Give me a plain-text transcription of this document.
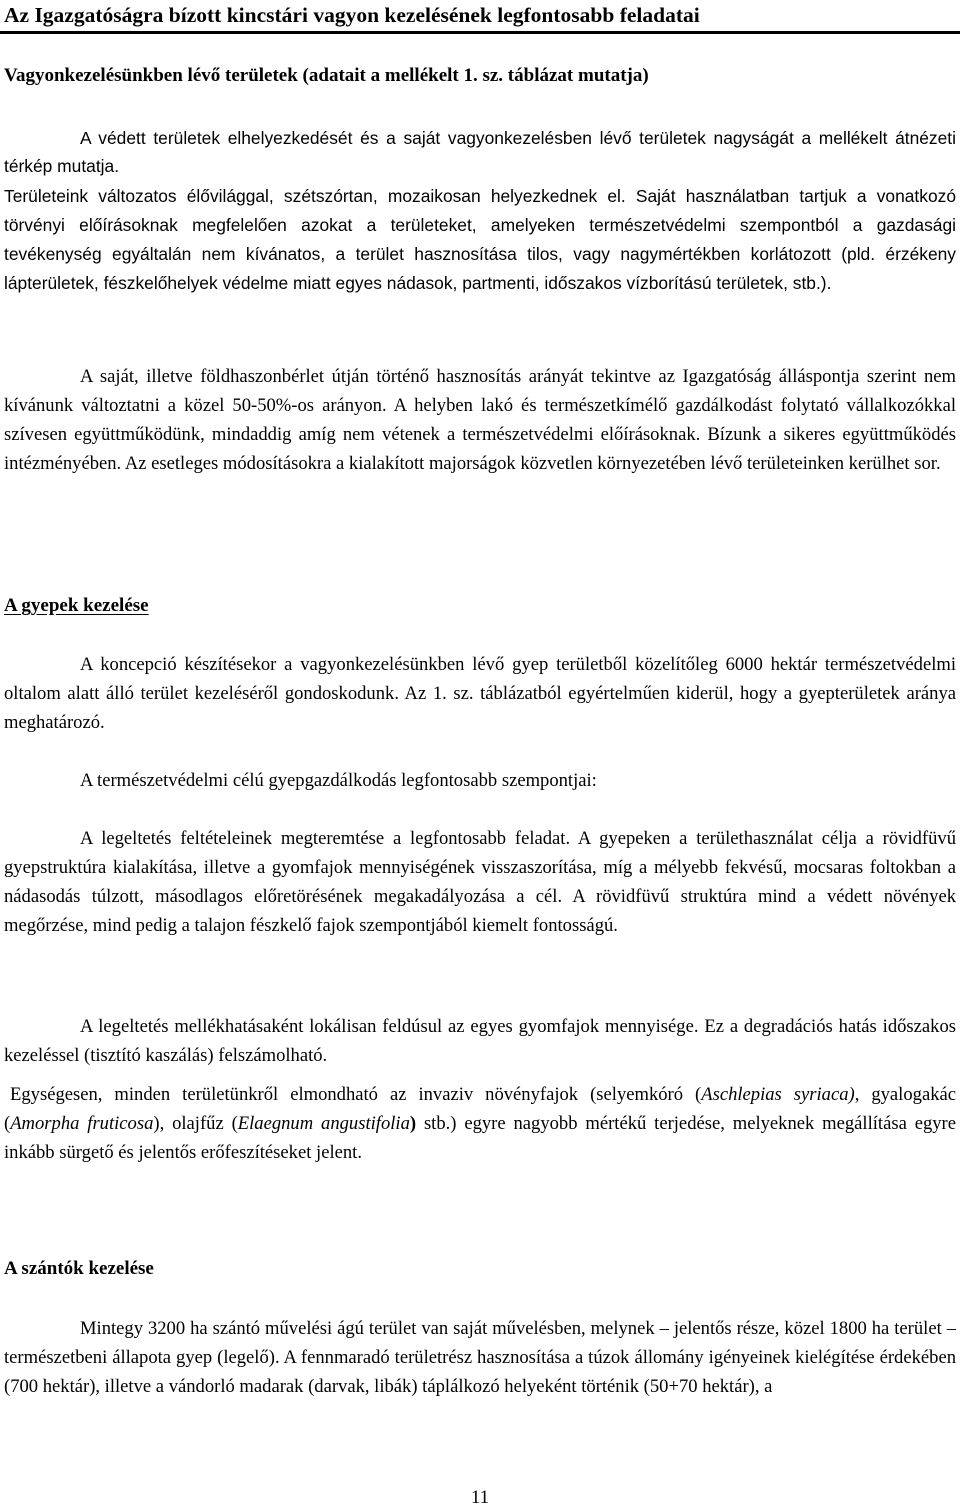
Az Igazgatóságra bízott kincstári vagyon kezelésének legfontosabb feladatai
Vagyonkezelésünkben lévő területek (adatait a mellékelt 1. sz. táblázat mutatja)

A védett területek elhelyezkedését és a saját vagyonkezelésben lévő területek nagyságát a mellékelt átnézeti térkép mutatja.

Területeink változatos élővilággal, szétszórtan, mozaikosan helyezkednek el. Saját használatban tartjuk a vonatkozó törvényi előírásoknak megfelelően azokat a területeket, amelyeken természetvédelmi szempontból a gazdasági tevékenység egyáltalán nem kívánatos, a terület hasznosítása tilos, vagy nagymértékben korlátozott (pld. érzékeny lápterületek, fészkelőhelyek védelme miatt egyes nádasok, partmenti, időszakos vízborítású területek, stb.).

A saját, illetve földhaszonbérlet útján történő hasznosítás arányát tekintve az Igazgatóság álláspontja szerint nem kívánunk változtatni a közel 50-50%-os arányon. A helyben lakó és természetkímélő gazdálkodást folytató vállalkozókkal szívesen együttműködünk, mindaddig amíg nem vétenek a természetvédelmi előírásoknak. Bízunk a sikeres együttműködés intézményében. Az esetleges módosításokra a kialakított majorságok közvetlen környezetében lévő területeinken kerülhet sor.

A gyepek kezelése

A koncepció készítésekor a vagyonkezelésünkben lévő gyep területből közelítőleg 6000 hektár természetvédelmi oltalom alatt álló terület kezeléséről gondoskodunk. Az 1. sz. táblázatból egyértelműen kiderül, hogy a gyepterületek aránya meghatározó.

A természetvédelmi célú gyepgazdálkodás legfontosabb szempontjai:

A legeltetés feltételeinek megteremtése a legfontosabb feladat. A gyepeken a területhasználat célja a rövidfüvű gyepstruktúra kialakítása, illetve a gyomfajok mennyiségének visszaszorítása, míg a mélyebb fekvésű, mocsaras foltokban a nádasodás túlzott, másodlagos előretörésének megakadályozása a cél. A rövidfüvű struktúra mind a védett növények megőrzése, mind pedig a talajon fészkelő fajok szempontjából kiemelt fontosságú.

A legeltetés mellékhatásaként lokálisan feldúsul az egyes gyomfajok mennyisége. Ez a degradációs hatás időszakos kezeléssel (tisztító kaszálás) felszámolható.

Egységesen, minden területünkről elmondható az invaziv növényfajok (selyemkóró (Aschlepias syriaca), gyalogakác (Amorpha fruticosa), olajfűz (Elaegnum angustifolia) stb.) egyre nagyobb mértékű terjedése, melyeknek megállítása egyre inkább sürgető és jelentős erőfeszítéseket jelent.

A szántók kezelése

Mintegy 3200 ha szántó művelési ágú terület van saját művelésben, melynek – jelentős része, közel 1800 ha terület – természetbeni állapota gyep (legelő). A fennmaradó területrész hasznosítása a túzok állomány igényeinek kielégítése érdekében (700 hektár), illetve a vándorló madarak (darvak, libák) táplálkozó helyeként történik (50+70 hektár), a

11
